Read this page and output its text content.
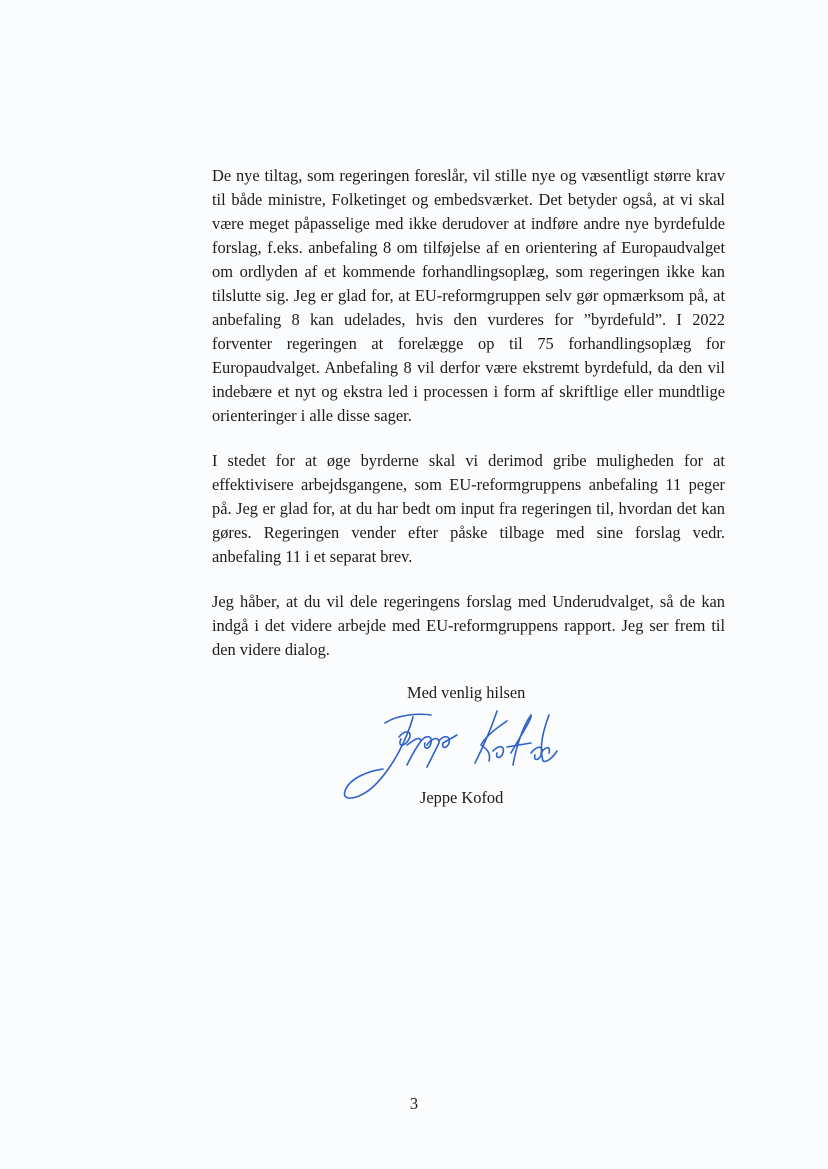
De nye tiltag, som regeringen foreslår, vil stille nye og væsentligt større krav til både ministre, Folketinget og embedsværket. Det betyder også, at vi skal være meget påpasselige med ikke derudover at indføre andre nye byrdefulde forslag, f.eks. anbefaling 8 om tilføjelse af en orientering af Europaudvalget om ordlyden af et kommende forhandlingsoplæg, som regeringen ikke kan tilslutte sig. Jeg er glad for, at EU-reformgruppen selv gør opmærksom på, at anbefaling 8 kan udelades, hvis den vurderes for ”byrdefuld”. I 2022 forventer regeringen at forelægge op til 75 forhandlingsoplæg for Europaudvalget. Anbefaling 8 vil derfor være ekstremt byrdefuld, da den vil indebære et nyt og ekstra led i processen i form af skriftlige eller mundtlige orienteringer i alle disse sager.

I stedet for at øge byrderne skal vi derimod gribe muligheden for at effektivisere arbejdsgangene, som EU-reformgruppens anbefaling 11 peger på. Jeg er glad for, at du har bedt om input fra regeringen til, hvordan det kan gøres. Regeringen vender efter påske tilbage med sine forslag vedr. anbefaling 11 i et separat brev.

Jeg håber, at du vil dele regeringens forslag med Underudvalget, så de kan indgå i det videre arbejde med EU-reformgruppens rapport. Jeg ser frem til den videre dialog.

Med venlig hilsen
Jeppe Kofod
3
